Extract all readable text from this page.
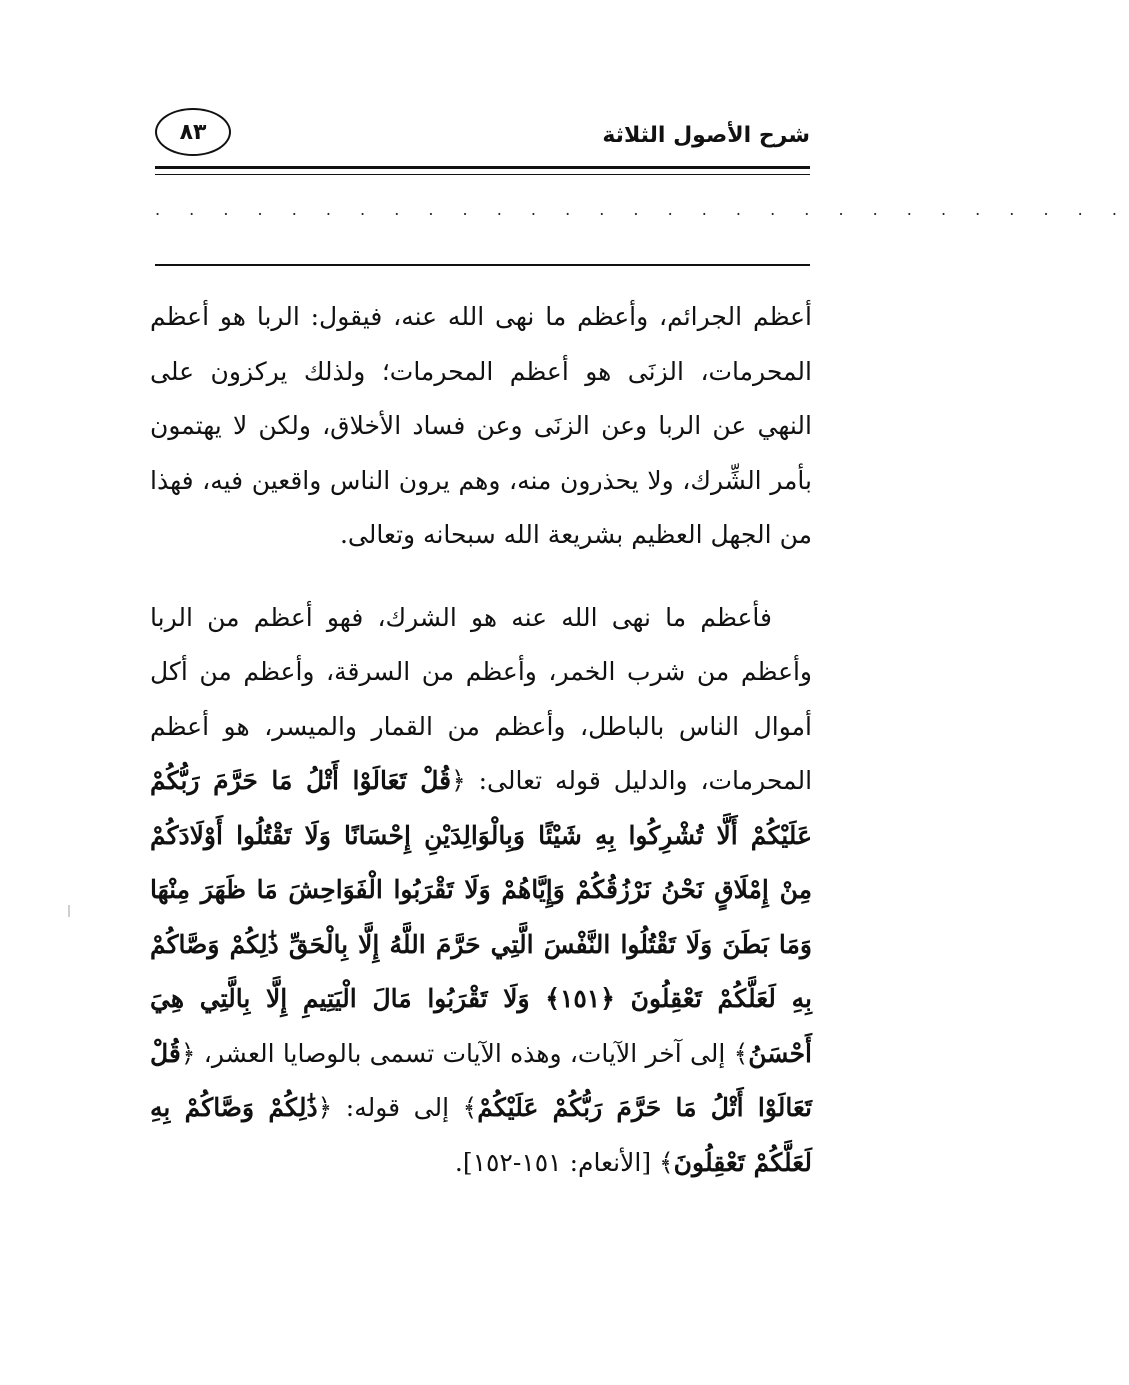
شرح الأصول الثلاثة
٨٣
. . . . . . . . . . . . . . . . . . . . . . . . . . . . .

أعظم الجرائم، وأعظم ما نهى الله عنه، فيقول: الربا هو أعظم المحرمات، الزنَى هو أعظم المحرمات؛ ولذلك يركزون على النهي عن الربا وعن الزنَى وعن فساد الأخلاق، ولكن لا يهتمون بأمر الشِّرك، ولا يحذرون منه، وهم يرون الناس واقعين فيه، فهذا من الجهل العظيم بشريعة الله سبحانه وتعالى.

فأعظم ما نهى الله عنه هو الشرك، فهو أعظم من الربا وأعظم من شرب الخمر، وأعظم من السرقة، وأعظم من أكل أموال الناس بالباطل، وأعظم من القمار والميسر، هو أعظم المحرمات، والدليل قوله تعالى: ﴿قُلْ تَعَالَوْا أَتْلُ مَا حَرَّمَ رَبُّكُمْ عَلَيْكُمْ أَلَّا تُشْرِكُوا بِهِ شَيْئًا وَبِالْوَالِدَيْنِ إِحْسَانًا وَلَا تَقْتُلُوا أَوْلَادَكُمْ مِنْ إِمْلَاقٍ نَحْنُ نَرْزُقُكُمْ وَإِيَّاهُمْ وَلَا تَقْرَبُوا الْفَوَاحِشَ مَا ظَهَرَ مِنْهَا وَمَا بَطَنَ وَلَا تَقْتُلُوا النَّفْسَ الَّتِي حَرَّمَ اللَّهُ إِلَّا بِالْحَقِّ ذَٰلِكُمْ وَصَّاكُمْ بِهِ لَعَلَّكُمْ تَعْقِلُونَ ﴿١٥١﴾ وَلَا تَقْرَبُوا مَالَ الْيَتِيمِ إِلَّا بِالَّتِي هِيَ أَحْسَنُ﴾ إلى آخر الآيات، وهذه الآيات تسمى بالوصايا العشر، ﴿قُلْ تَعَالَوْا أَتْلُ مَا حَرَّمَ رَبُّكُمْ عَلَيْكُمْ﴾ إلى قوله: ﴿ذَٰلِكُمْ وَصَّاكُمْ بِهِ لَعَلَّكُمْ تَعْقِلُونَ﴾ [الأنعام: ١٥١-١٥٢].
